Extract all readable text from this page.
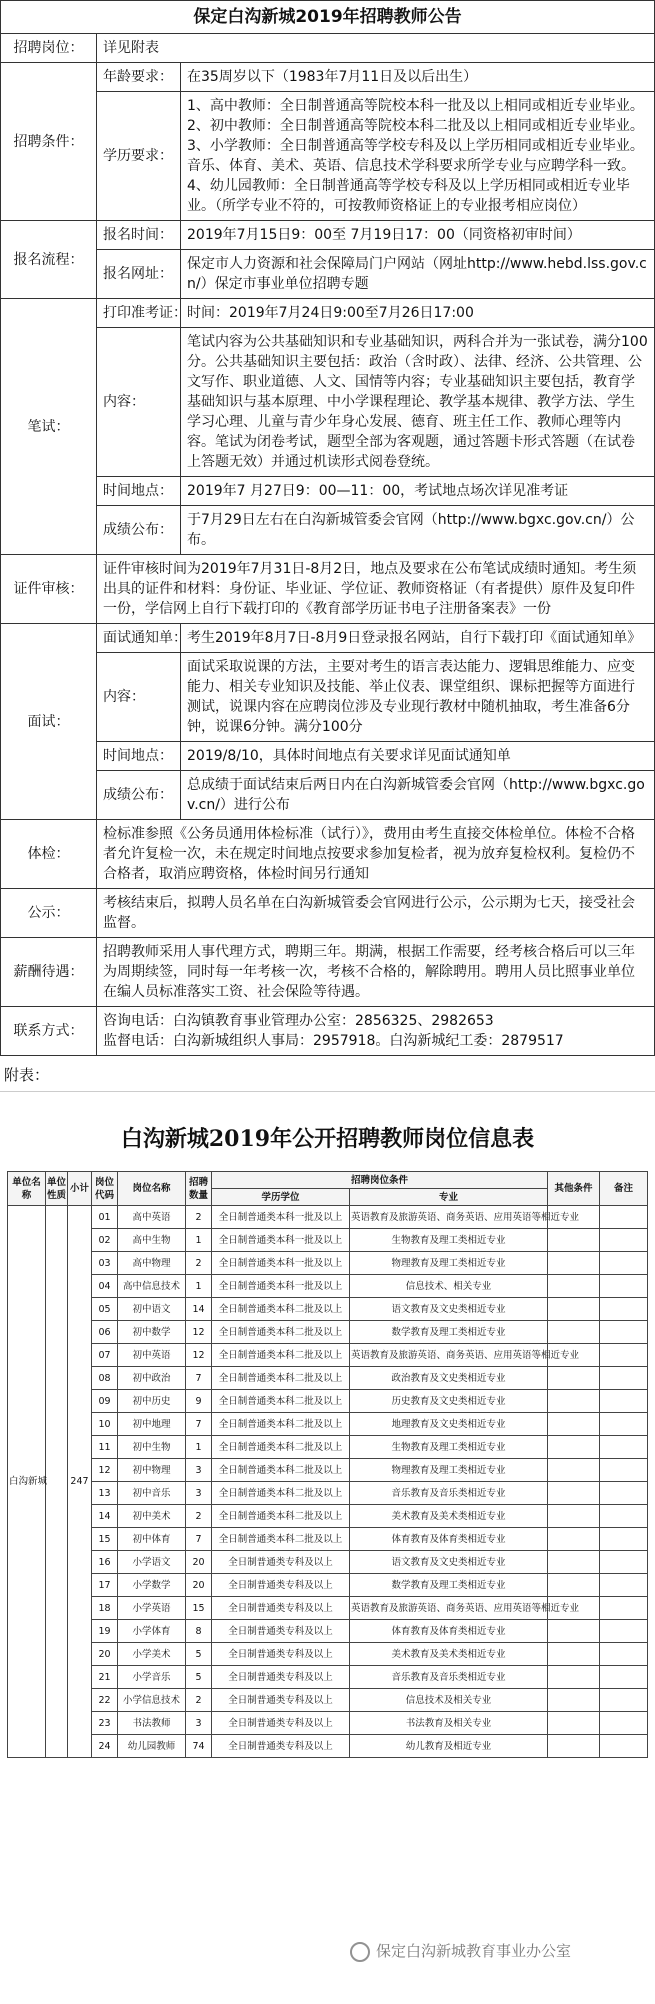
保定白沟新城2019年招聘教师公告		
招聘岗位：	详见附表	
招聘条件：	年龄要求：	在35周岁以下（1983年7月11日及以后出生）
	学历要求：	1、高中教师：全日制普通高等院校本科一批及以上相同或相近专业毕业。2、初中教师：全日制普通高等院校本科二批及以上相同或相近专业毕业。3、小学教师：全日制普通高等学校专科及以上学历相同或相近专业毕业。音乐、体育、美术、英语、信息技术学科要求所学专业与应聘学科一致。4、幼儿园教师：全日制普通高等学校专科及以上学历相同或相近专业毕业。（所学专业不符的，可按教师资格证上的专业报考相应岗位）
报名流程：	报名时间：	2019年7月15日9：00至 7月19日17：00（同资格初审时间）
	报名网址：	保定市人力资源和社会保障局门户网站（网址http://www.hebd.lss.gov.cn/）保定市事业单位招聘专题
笔试：	打印准考证：	时间：2019年7月24日9:00至7月26日17:00
	内容：	笔试内容为公共基础知识和专业基础知识，两科合并为一张试卷，满分100分。公共基础知识主要包括：政治（含时政）、法律、经济、公共管理、公文写作、职业道德、人文、国情等内容；专业基础知识主要包括，教育学基础知识与基本原理、中小学课程理论、教学基本规律、教学方法、学生学习心理、儿童与青少年身心发展、德育、班主任工作、教师心理等内容。笔试为闭卷考试，题型全部为客观题，通过答题卡形式答题（在试卷上答题无效）并通过机读形式阅卷登统。
	时间地点：	2019年7 月27日9：00—11：00，考试地点场次详见准考证
	成绩公布：	于7月29日左右在白沟新城管委会官网（http://www.bgxc.gov.cn/）公布。
证件审核：	证件审核时间为2019年7月31日-8月2日，地点及要求在公布笔试成绩时通知。考生须出具的证件和材料：身份证、毕业证、学位证、教师资格证（有者提供）原件及复印件一份，学信网上自行下载打印的《教育部学历证书电子注册备案表》一份	
面试：	面试通知单：	考生2019年8月7日-8月9日登录报名网站，自行下载打印《面试通知单》
	内容：	面试采取说课的方法，主要对考生的语言表达能力、逻辑思维能力、应变能力、相关专业知识及技能、举止仪表、课堂组织、课标把握等方面进行测试，说课内容在应聘岗位涉及专业现行教材中随机抽取，考生准备6分钟，说课6分钟。满分100分
	时间地点：	2019/8/10，具体时间地点有关要求详见面试通知单
	成绩公布：	总成绩于面试结束后两日内在白沟新城管委会官网（http://www.bgxc.gov.cn/）进行公布
体检：	检标准参照《公务员通用体检标准（试行）》，费用由考生直接交体检单位。体检不合格者允许复检一次，未在规定时间地点按要求参加复检者，视为放弃复检权利。复检仍不合格者，取消应聘资格，体检时间另行通知	
公示：	考核结束后，拟聘人员名单在白沟新城管委会官网进行公示，公示期为七天，接受社会监督。	
薪酬待遇：	招聘教师采用人事代理方式，聘期三年。期满，根据工作需要，经考核合格后可以三年为周期续签，同时每一年考核一次，考核不合格的，解除聘用。聘用人员比照事业单位在编人员标准落实工资、社会保险等待遇。	
联系方式：	咨询电话：白沟镇教育事业管理办公室：2856325、2982653
监督电话：白沟新城组织人事局：2957918。白沟新城纪工委：2879517	
附表：
白沟新城2019年公开招聘教师岗位信息表
单位名称	单位性质	小计	岗位代码	岗位名称	招聘数量	招聘岗位条件		其他条件	备注
						学历学位	专业		
白沟新城		247	01	高中英语	2	全日制普通类本科一批及以上	英语教育及旅游英语、商务英语、应用英语等相近专业		
			02	高中生物	1	全日制普通类本科一批及以上	生物教育及理工类相近专业		
			03	高中物理	2	全日制普通类本科一批及以上	物理教育及理工类相近专业		
			04	高中信息技术	1	全日制普通类本科一批及以上	信息技术、相关专业		
			05	初中语文	14	全日制普通类本科二批及以上	语文教育及文史类相近专业		
			06	初中数学	12	全日制普通类本科二批及以上	数学教育及理工类相近专业		
			07	初中英语	12	全日制普通类本科二批及以上	英语教育及旅游英语、商务英语、应用英语等相近专业		
			08	初中政治	7	全日制普通类本科二批及以上	政治教育及文史类相近专业		
			09	初中历史	9	全日制普通类本科二批及以上	历史教育及文史类相近专业		
			10	初中地理	7	全日制普通类本科二批及以上	地理教育及文史类相近专业		
			11	初中生物	1	全日制普通类本科二批及以上	生物教育及理工类相近专业		
			12	初中物理	3	全日制普通类本科二批及以上	物理教育及理工类相近专业		
			13	初中音乐	3	全日制普通类本科二批及以上	音乐教育及音乐类相近专业		
			14	初中美术	2	全日制普通类本科二批及以上	美术教育及美术类相近专业		
			15	初中体育	7	全日制普通类本科二批及以上	体育教育及体育类相近专业		
			16	小学语文	20	全日制普通类专科及以上	语文教育及文史类相近专业		
			17	小学数学	20	全日制普通类专科及以上	数学教育及理工类相近专业		
			18	小学英语	15	全日制普通类专科及以上	英语教育及旅游英语、商务英语、应用英语等相近专业		
			19	小学体育	8	全日制普通类专科及以上	体育教育及体育类相近专业		
			20	小学美术	5	全日制普通类专科及以上	美术教育及美术类相近专业		
			21	小学音乐	5	全日制普通类专科及以上	音乐教育及音乐类相近专业		
			22	小学信息技术	2	全日制普通类专科及以上	信息技术及相关专业		
			23	书法教师	3	全日制普通类专科及以上	书法教育及相关专业		
			24	幼儿园教师	74	全日制普通类专科及以上	幼儿教育及相近专业		
保定白沟新城教育事业办公室
